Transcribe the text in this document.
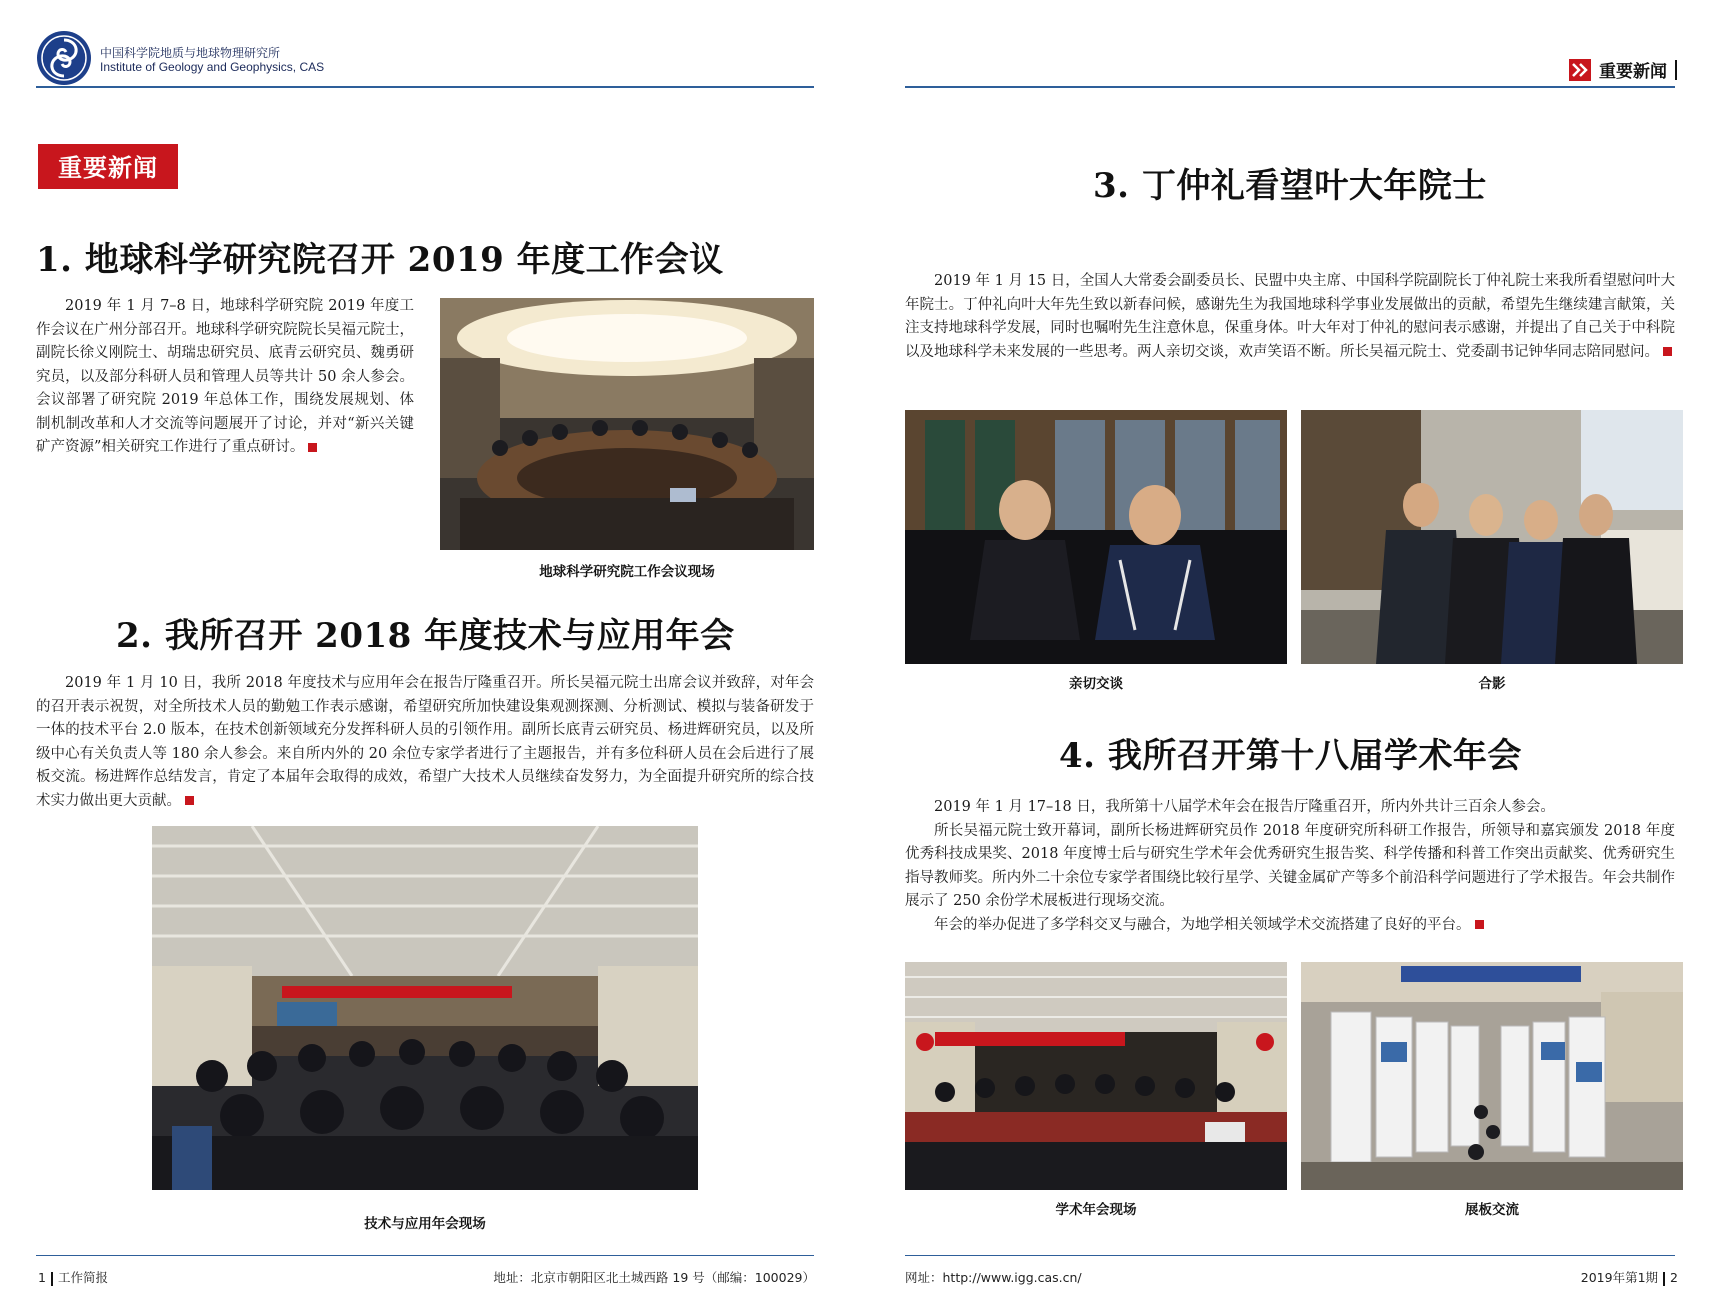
中国科学院地质与地球物理研究所
Institute of Geology and Geophysics, CAS
重要新闻
1. 地球科学研究院召开 2019 年度工作会议

2019 年 1 月 7–8 日，地球科学研究院 2019 年度工作会议在广州分部召开。地球科学研究院院长吴福元院士，副院长徐义刚院士、胡瑞忠研究员、底青云研究员、魏勇研究员，以及部分科研人员和管理人员等共计 50 余人参会。会议部署了研究院 2019 年总体工作，围绕发展规划、体制机制改革和人才交流等问题展开了讨论，并对“新兴关键矿产资源”相关研究工作进行了重点研讨。

地球科学研究院工作会议现场
2. 我所召开 2018 年度技术与应用年会

2019 年 1 月 10 日，我所 2018 年度技术与应用年会在报告厅隆重召开。所长吴福元院士出席会议并致辞，对年会的召开表示祝贺，对全所技术人员的勤勉工作表示感谢，希望研究所加快建设集观测探测、分析测试、模拟与装备研发于一体的技术平台 2.0 版本，在技术创新领域充分发挥科研人员的引领作用。副所长底青云研究员、杨进辉研究员，以及所级中心有关负责人等 180 余人参会。来自所内外的 20 余位专家学者进行了主题报告，并有多位科研人员在会后进行了展板交流。杨进辉作总结发言，肯定了本届年会取得的成效，希望广大技术人员继续奋发努力，为全面提升研究所的综合技术实力做出更大贡献。

技术与应用年会现场
1 工作简报	地址：北京市朝阳区北土城西路 19 号（邮编：100029）
重要新闻
3. 丁仲礼看望叶大年院士

2019 年 1 月 15 日，全国人大常委会副委员长、民盟中央主席、中国科学院副院长丁仲礼院士来我所看望慰问叶大年院士。丁仲礼向叶大年先生致以新春问候，感谢先生为我国地球科学事业发展做出的贡献，希望先生继续建言献策，关注支持地球科学发展，同时也嘱咐先生注意休息，保重身体。叶大年对丁仲礼的慰问表示感谢，并提出了自己关于中科院以及地球科学未来发展的一些思考。两人亲切交谈，欢声笑语不断。所长吴福元院士、党委副书记钟华同志陪同慰问。

亲切交谈	合影
4. 我所召开第十八届学术年会

2019 年 1 月 17–18 日，我所第十八届学术年会在报告厅隆重召开，所内外共计三百余人参会。

所长吴福元院士致开幕词，副所长杨进辉研究员作 2018 年度研究所科研工作报告，所领导和嘉宾颁发 2018 年度优秀科技成果奖、2018 年度博士后与研究生学术年会优秀研究生报告奖、科学传播和科普工作突出贡献奖、优秀研究生指导教师奖。所内外二十余位专家学者围绕比较行星学、关键金属矿产等多个前沿科学问题进行了学术报告。年会共制作展示了 250 余份学术展板进行现场交流。

年会的举办促进了多学科交叉与融合，为地学相关领域学术交流搭建了良好的平台。

学术年会现场	展板交流
网址：http://www.igg.cas.cn/	2019年第1期 2
